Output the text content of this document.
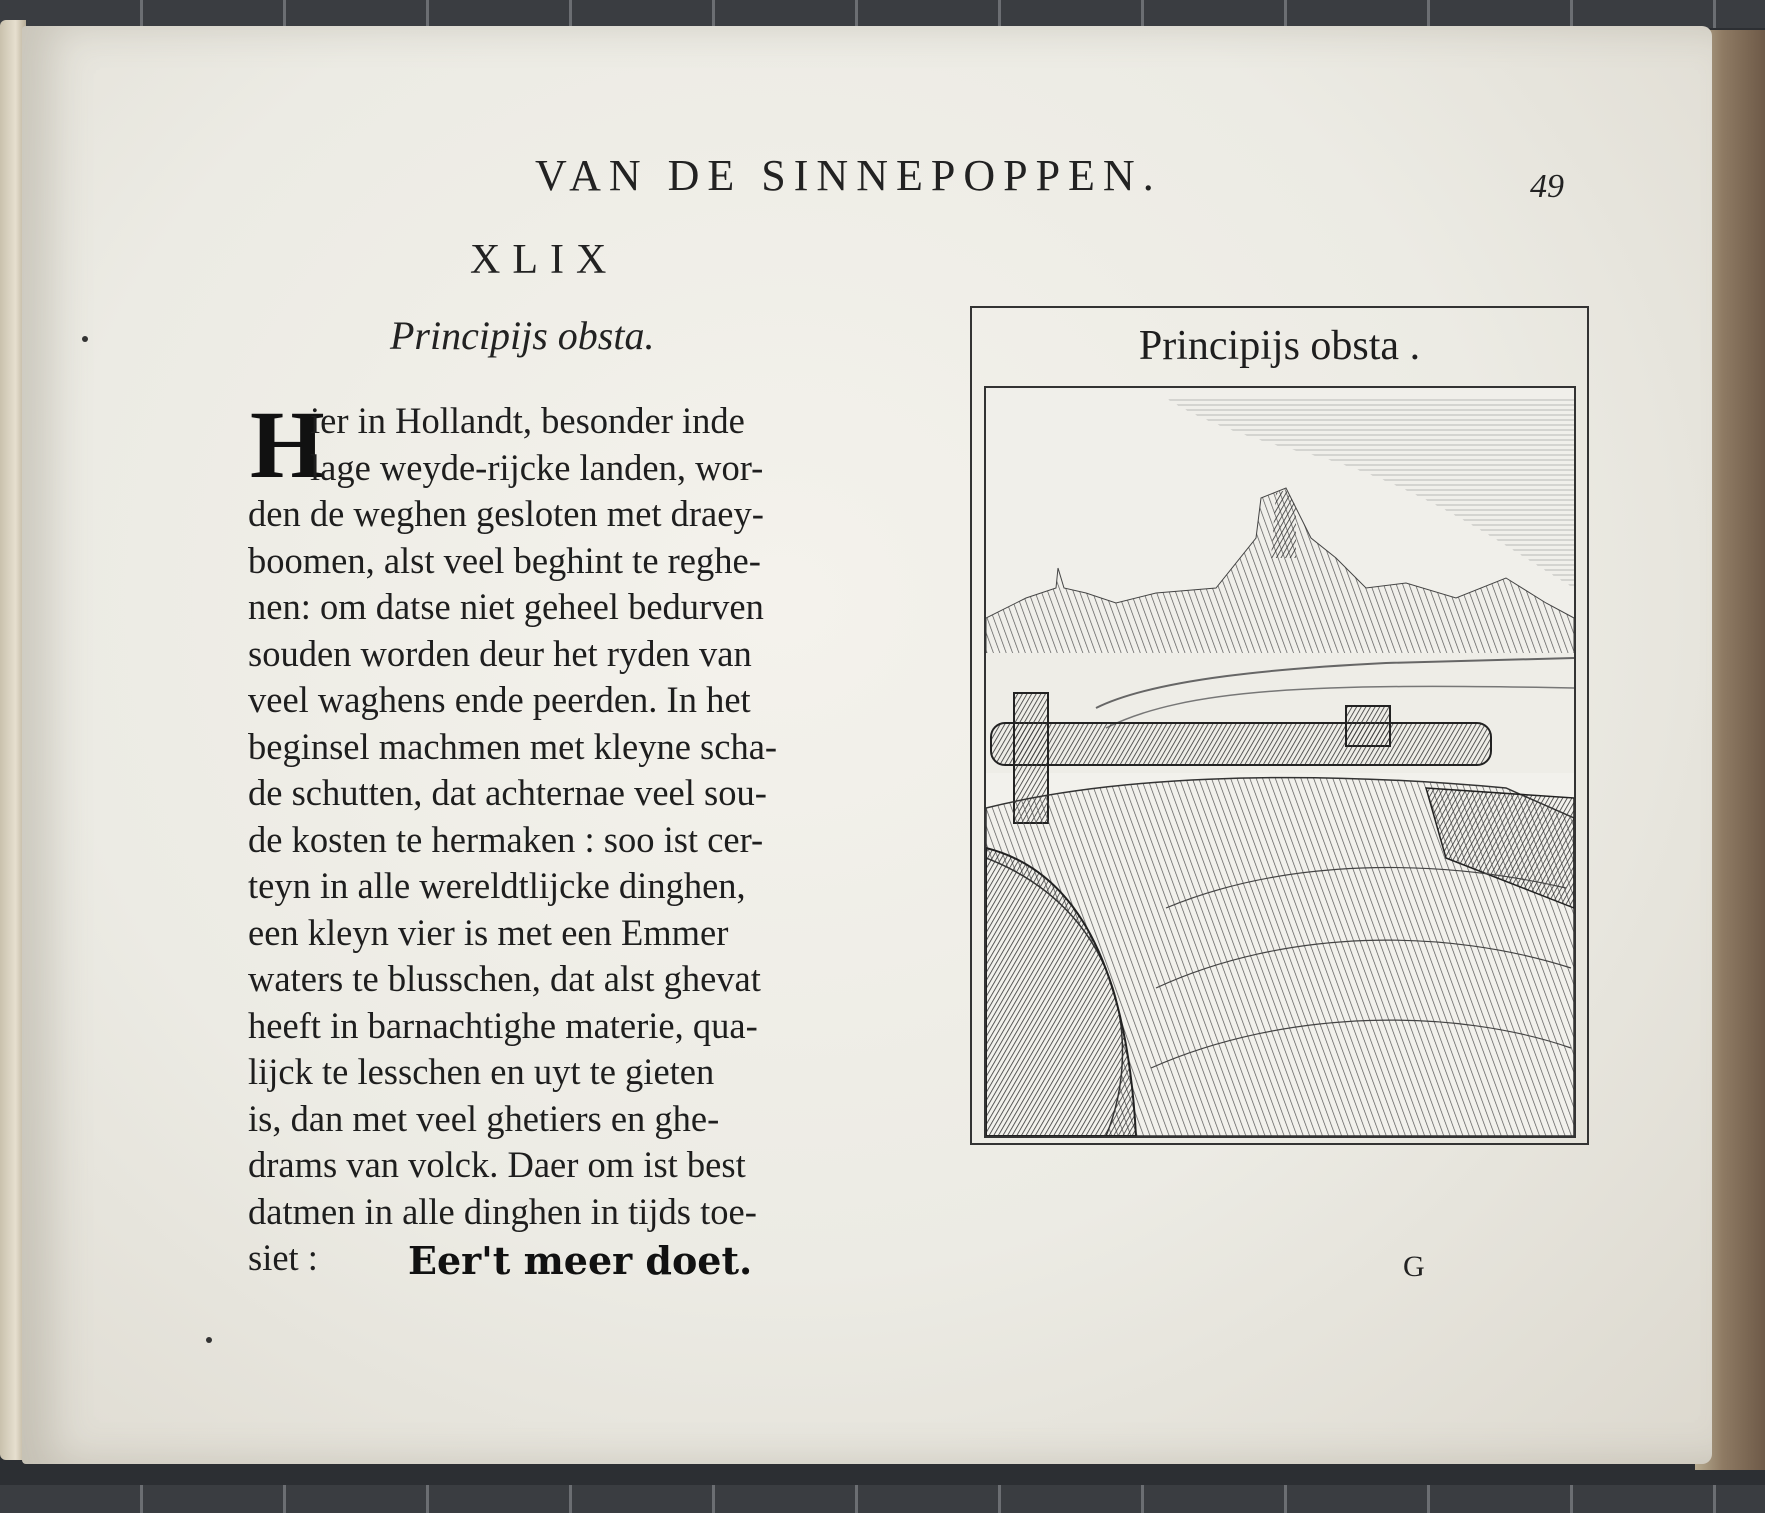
VAN DE SINNEPOPPEN.	49
XLIX
Principijs obsta.
H
ier in Hollandt, besonder inde
lage weyde-rijcke landen, wor-
den de weghen gesloten met draey-
boomen, alst veel beghint te reghe-
nen: om datse niet geheel bedurven
souden worden deur het ryden van
veel waghens ende peerden. In het
beginsel machmen met kleyne scha-
de schutten, dat achternae veel sou-
de kosten te hermaken : soo ist cer-
teyn in alle wereldtlijcke dinghen,
een kleyn vier is met een Emmer
waters te blusschen, dat alst ghevat
heeft in barnachtighe materie, qua-
lijck te lesschen en uyt te gieten
is, dan met veel ghetiers en ghe-
drams van volck. Daer om ist best
datmen in alle dinghen in tijds toe-
siet :	Eer't meer doet.	G
Principijs obsta .
